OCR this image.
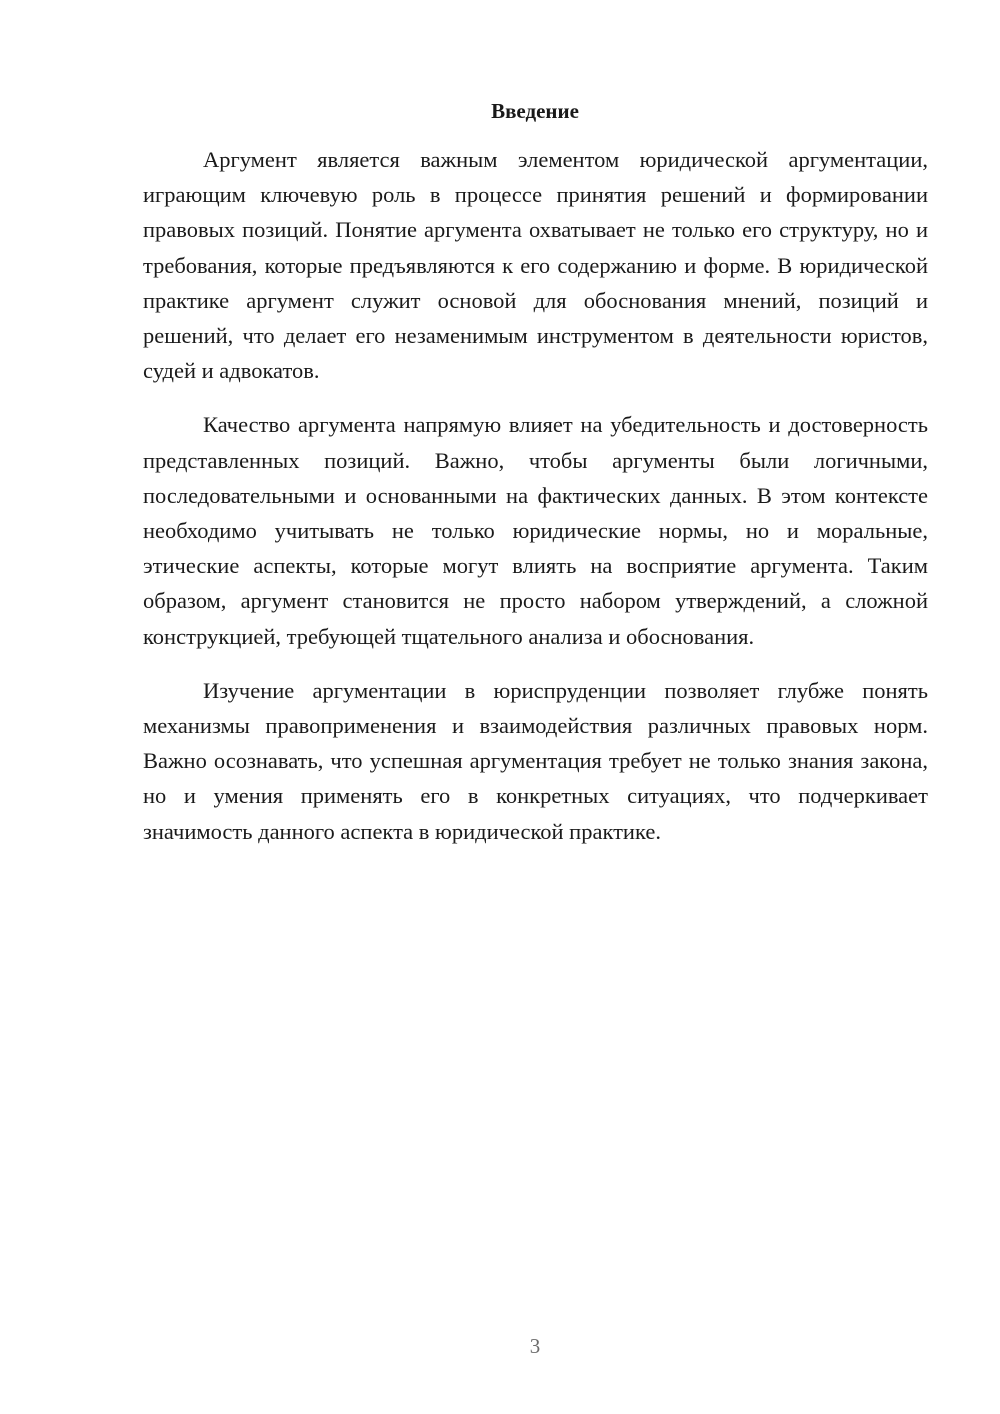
Введение

Аргумент является важным элементом юридической аргументации, играющим ключевую роль в процессе принятия решений и формировании правовых позиций. Понятие аргумента охватывает не только его структуру, но и требования, которые предъявляются к его содержанию и форме. В юридической практике аргумент служит основой для обоснования мнений, позиций и решений, что делает его незаменимым инструментом в деятельности юристов, судей и адвокатов.

Качество аргумента напрямую влияет на убедительность и достоверность представленных позиций. Важно, чтобы аргументы были логичными, последовательными и основанными на фактических данных. В этом контексте необходимо учитывать не только юридические нормы, но и моральные, этические аспекты, которые могут влиять на восприятие аргумента. Таким образом, аргумент становится не просто набором утверждений, а сложной конструкцией, требующей тщательного анализа и обоснования.

Изучение аргументации в юриспруденции позволяет глубже понять механизмы правоприменения и взаимодействия различных правовых норм. Важно осознавать, что успешная аргументация требует не только знания закона, но и умения применять его в конкретных ситуациях, что подчеркивает значимость данного аспекта в юридической практике.

3
